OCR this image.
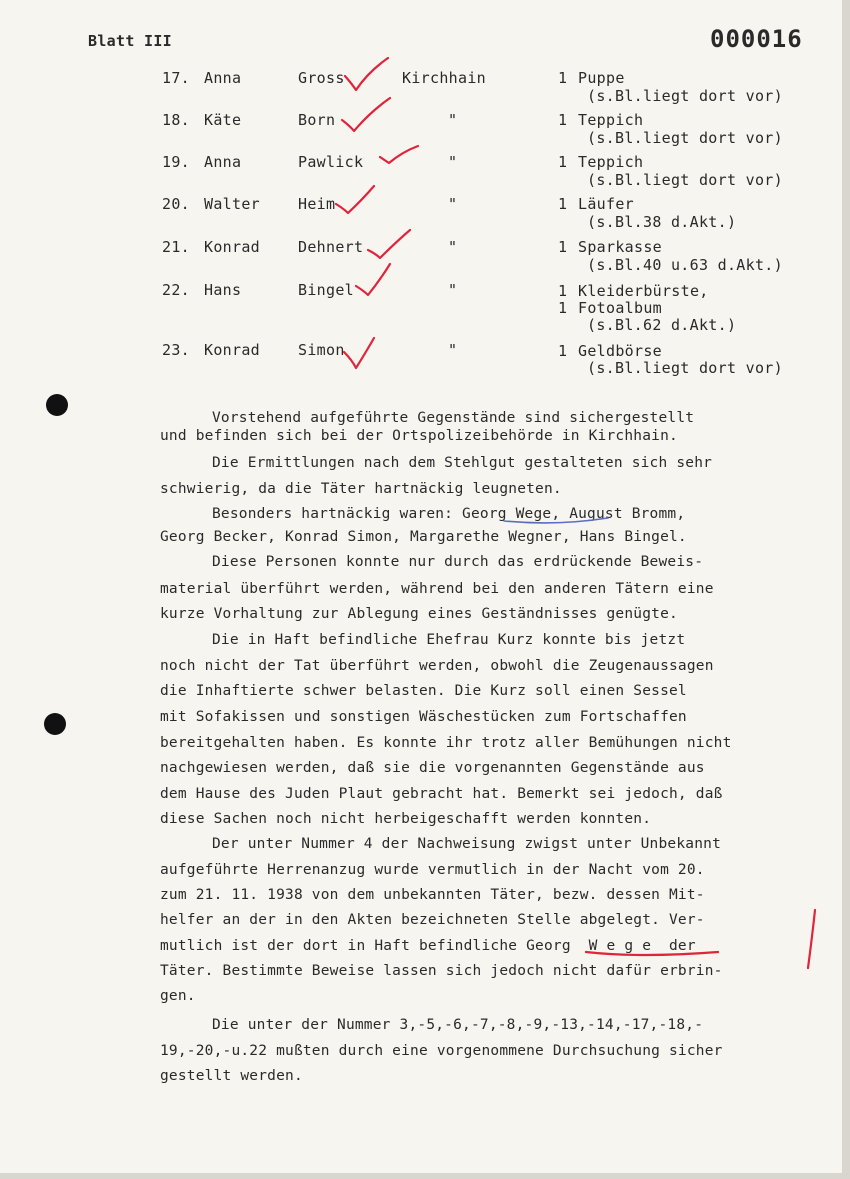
Blatt III	000016
17. Anna	Gross	Kirchhain	1 Puppe
(s.Bl.liegt dort vor)
18. Käte	Born	"	1 Teppich
(s.Bl.liegt dort vor)
19. Anna	Pawlick	"	1 Teppich
(s.Bl.liegt dort vor)
20. Walter	Heim	"	1 Läufer
(s.Bl.38 d.Akt.)
21. Konrad	Dehnert	"	1 Sparkasse
(s.Bl.40 u.63 d.Akt.)
22. Hans	Bingel	"	1 Kleiderbürste,
1 Fotoalbum
(s.Bl.62 d.Akt.)
23. Konrad	Simon	"	1 Geldbörse
(s.Bl.liegt dort vor)
Vorstehend aufgeführte Gegenstände sind sichergestellt
und befinden sich bei der Ortspolizeibehörde in Kirchhain.
Die Ermittlungen nach dem Stehlgut gestalteten sich sehr
schwierig, da die Täter hartnäckig leugneten.
Besonders hartnäckig waren: Georg Wege, August Bromm,
Georg Becker, Konrad Simon, Margarethe Wegner, Hans Bingel.
Diese Personen konnte nur durch das erdrückende Beweis-
material überführt werden, während bei den anderen Tätern eine
kurze Vorhaltung zur Ablegung eines Geständnisses genügte.
Die in Haft befindliche Ehefrau Kurz konnte bis jetzt
noch nicht der Tat überführt werden, obwohl die Zeugenaussagen
die Inhaftierte schwer belasten. Die Kurz soll einen Sessel
mit Sofakissen und sonstigen Wäschestücken zum Fortschaffen
bereitgehalten haben. Es konnte ihr trotz aller Bemühungen nicht
nachgewiesen werden, daß sie die vorgenannten Gegenstände aus
dem Hause des Juden Plaut gebracht hat. Bemerkt sei jedoch, daß
diese Sachen noch nicht herbeigeschafft werden konnten.
Der unter Nummer 4 der Nachweisung zwigst unter Unbekannt
aufgeführte Herrenanzug wurde vermutlich in der Nacht vom 20.
zum 21. 11. 1938 von dem unbekannten Täter, bezw. dessen Mit-
helfer an der in den Akten bezeichneten Stelle abgelegt. Ver-
mutlich ist der dort in Haft befindliche Georg  W e g e  der
Täter. Bestimmte Beweise lassen sich jedoch nicht dafür erbrin-
gen.
Die unter der Nummer 3,-5,-6,-7,-8,-9,-13,-14,-17,-18,-
19,-20,-u.22 mußten durch eine vorgenommene Durchsuchung sicher
gestellt werden.
